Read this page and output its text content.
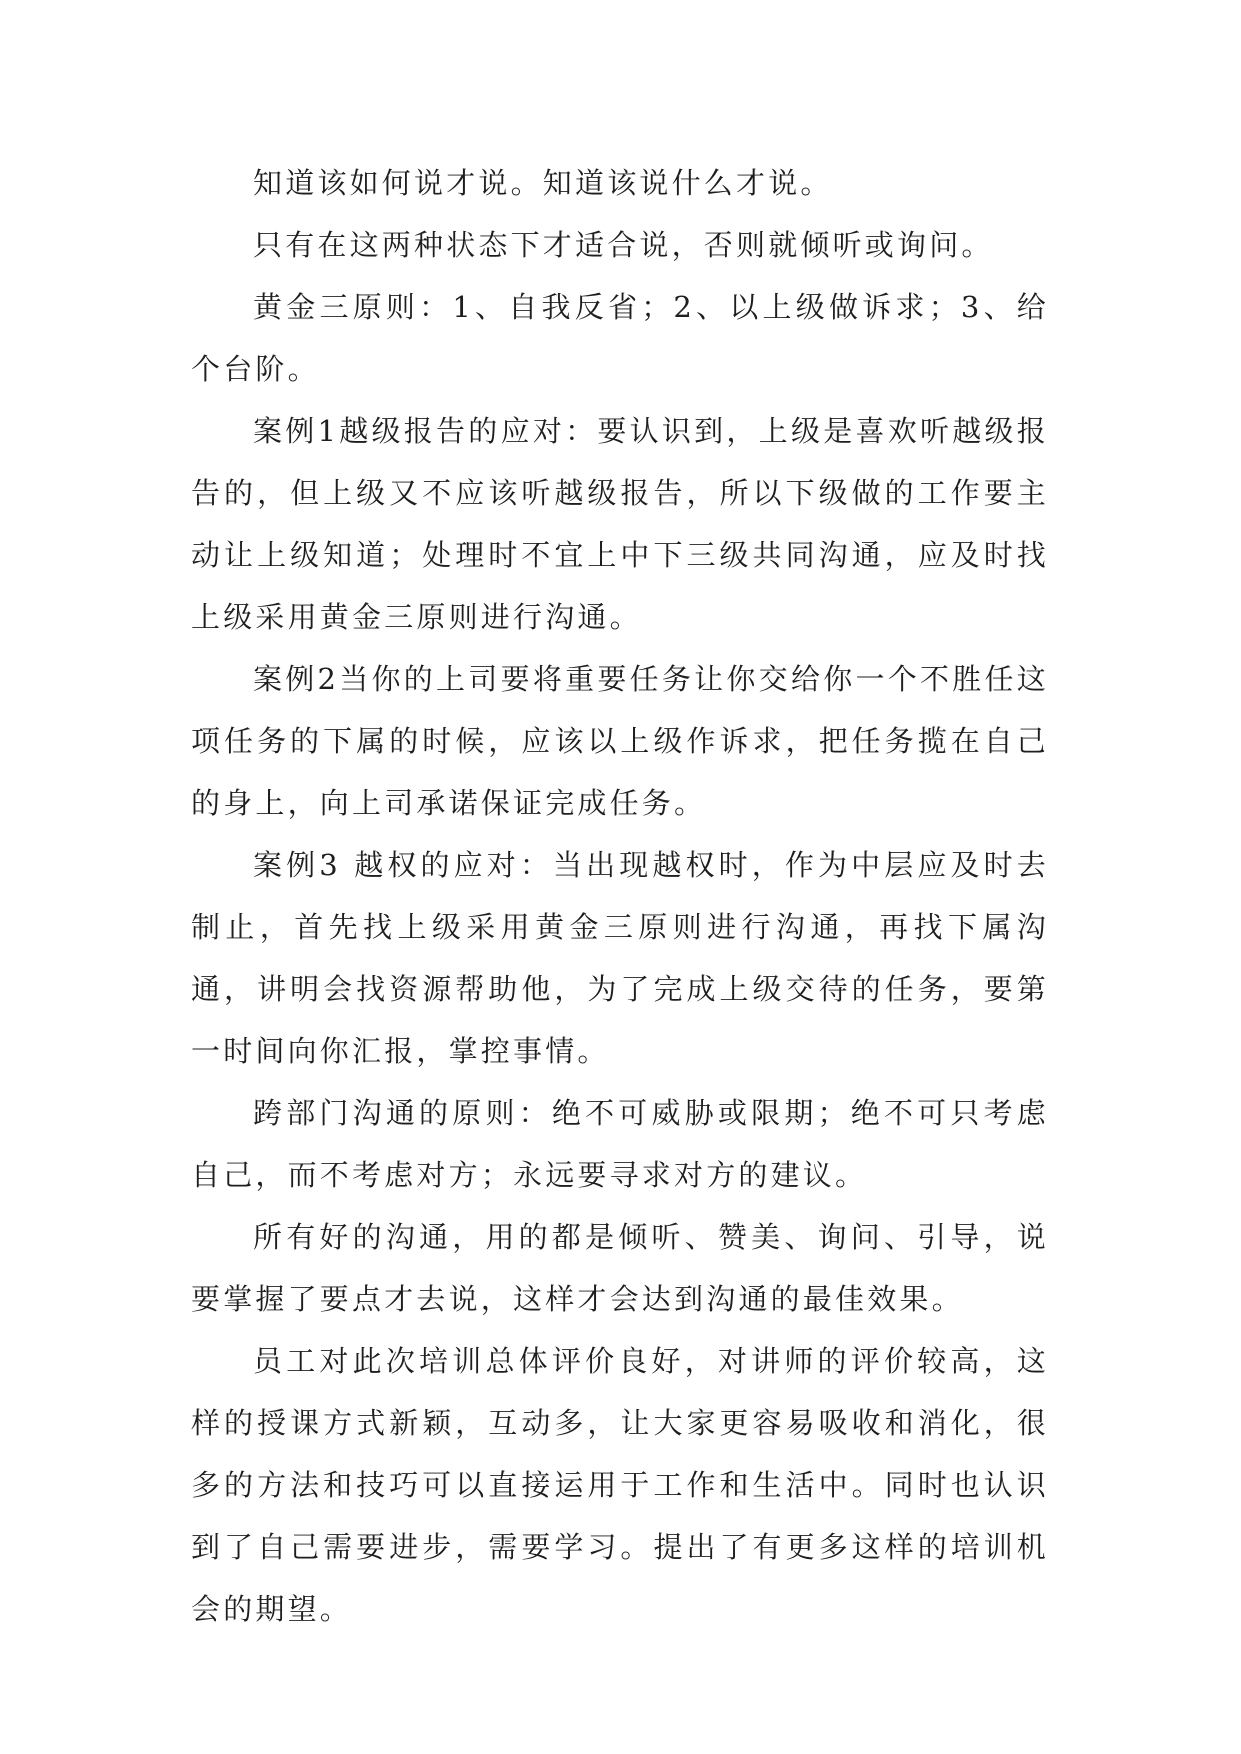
知道该如何说才说。知道该说什么才说。

只有在这两种状态下才适合说，否则就倾听或询问。

黄金三原则：1、自我反省；2、以上级做诉求；3、给个台阶。

案例1越级报告的应对：要认识到，上级是喜欢听越级报告的，但上级又不应该听越级报告，所以下级做的工作要主动让上级知道；处理时不宜上中下三级共同沟通，应及时找上级采用黄金三原则进行沟通。

案例2当你的上司要将重要任务让你交给你一个不胜任这项任务的下属的时候，应该以上级作诉求，把任务揽在自己的身上，向上司承诺保证完成任务。

案例3 越权的应对：当出现越权时，作为中层应及时去制止，首先找上级采用黄金三原则进行沟通，再找下属沟通，讲明会找资源帮助他，为了完成上级交待的任务，要第一时间向你汇报，掌控事情。

跨部门沟通的原则：绝不可威胁或限期；绝不可只考虑自己，而不考虑对方；永远要寻求对方的建议。

所有好的沟通，用的都是倾听、赞美、询问、引导，说要掌握了要点才去说，这样才会达到沟通的最佳效果。

员工对此次培训总体评价良好，对讲师的评价较高，这样的授课方式新颖，互动多，让大家更容易吸收和消化，很多的方法和技巧可以直接运用于工作和生活中。同时也认识到了自己需要进步，需要学习。提出了有更多这样的培训机会的期望。
